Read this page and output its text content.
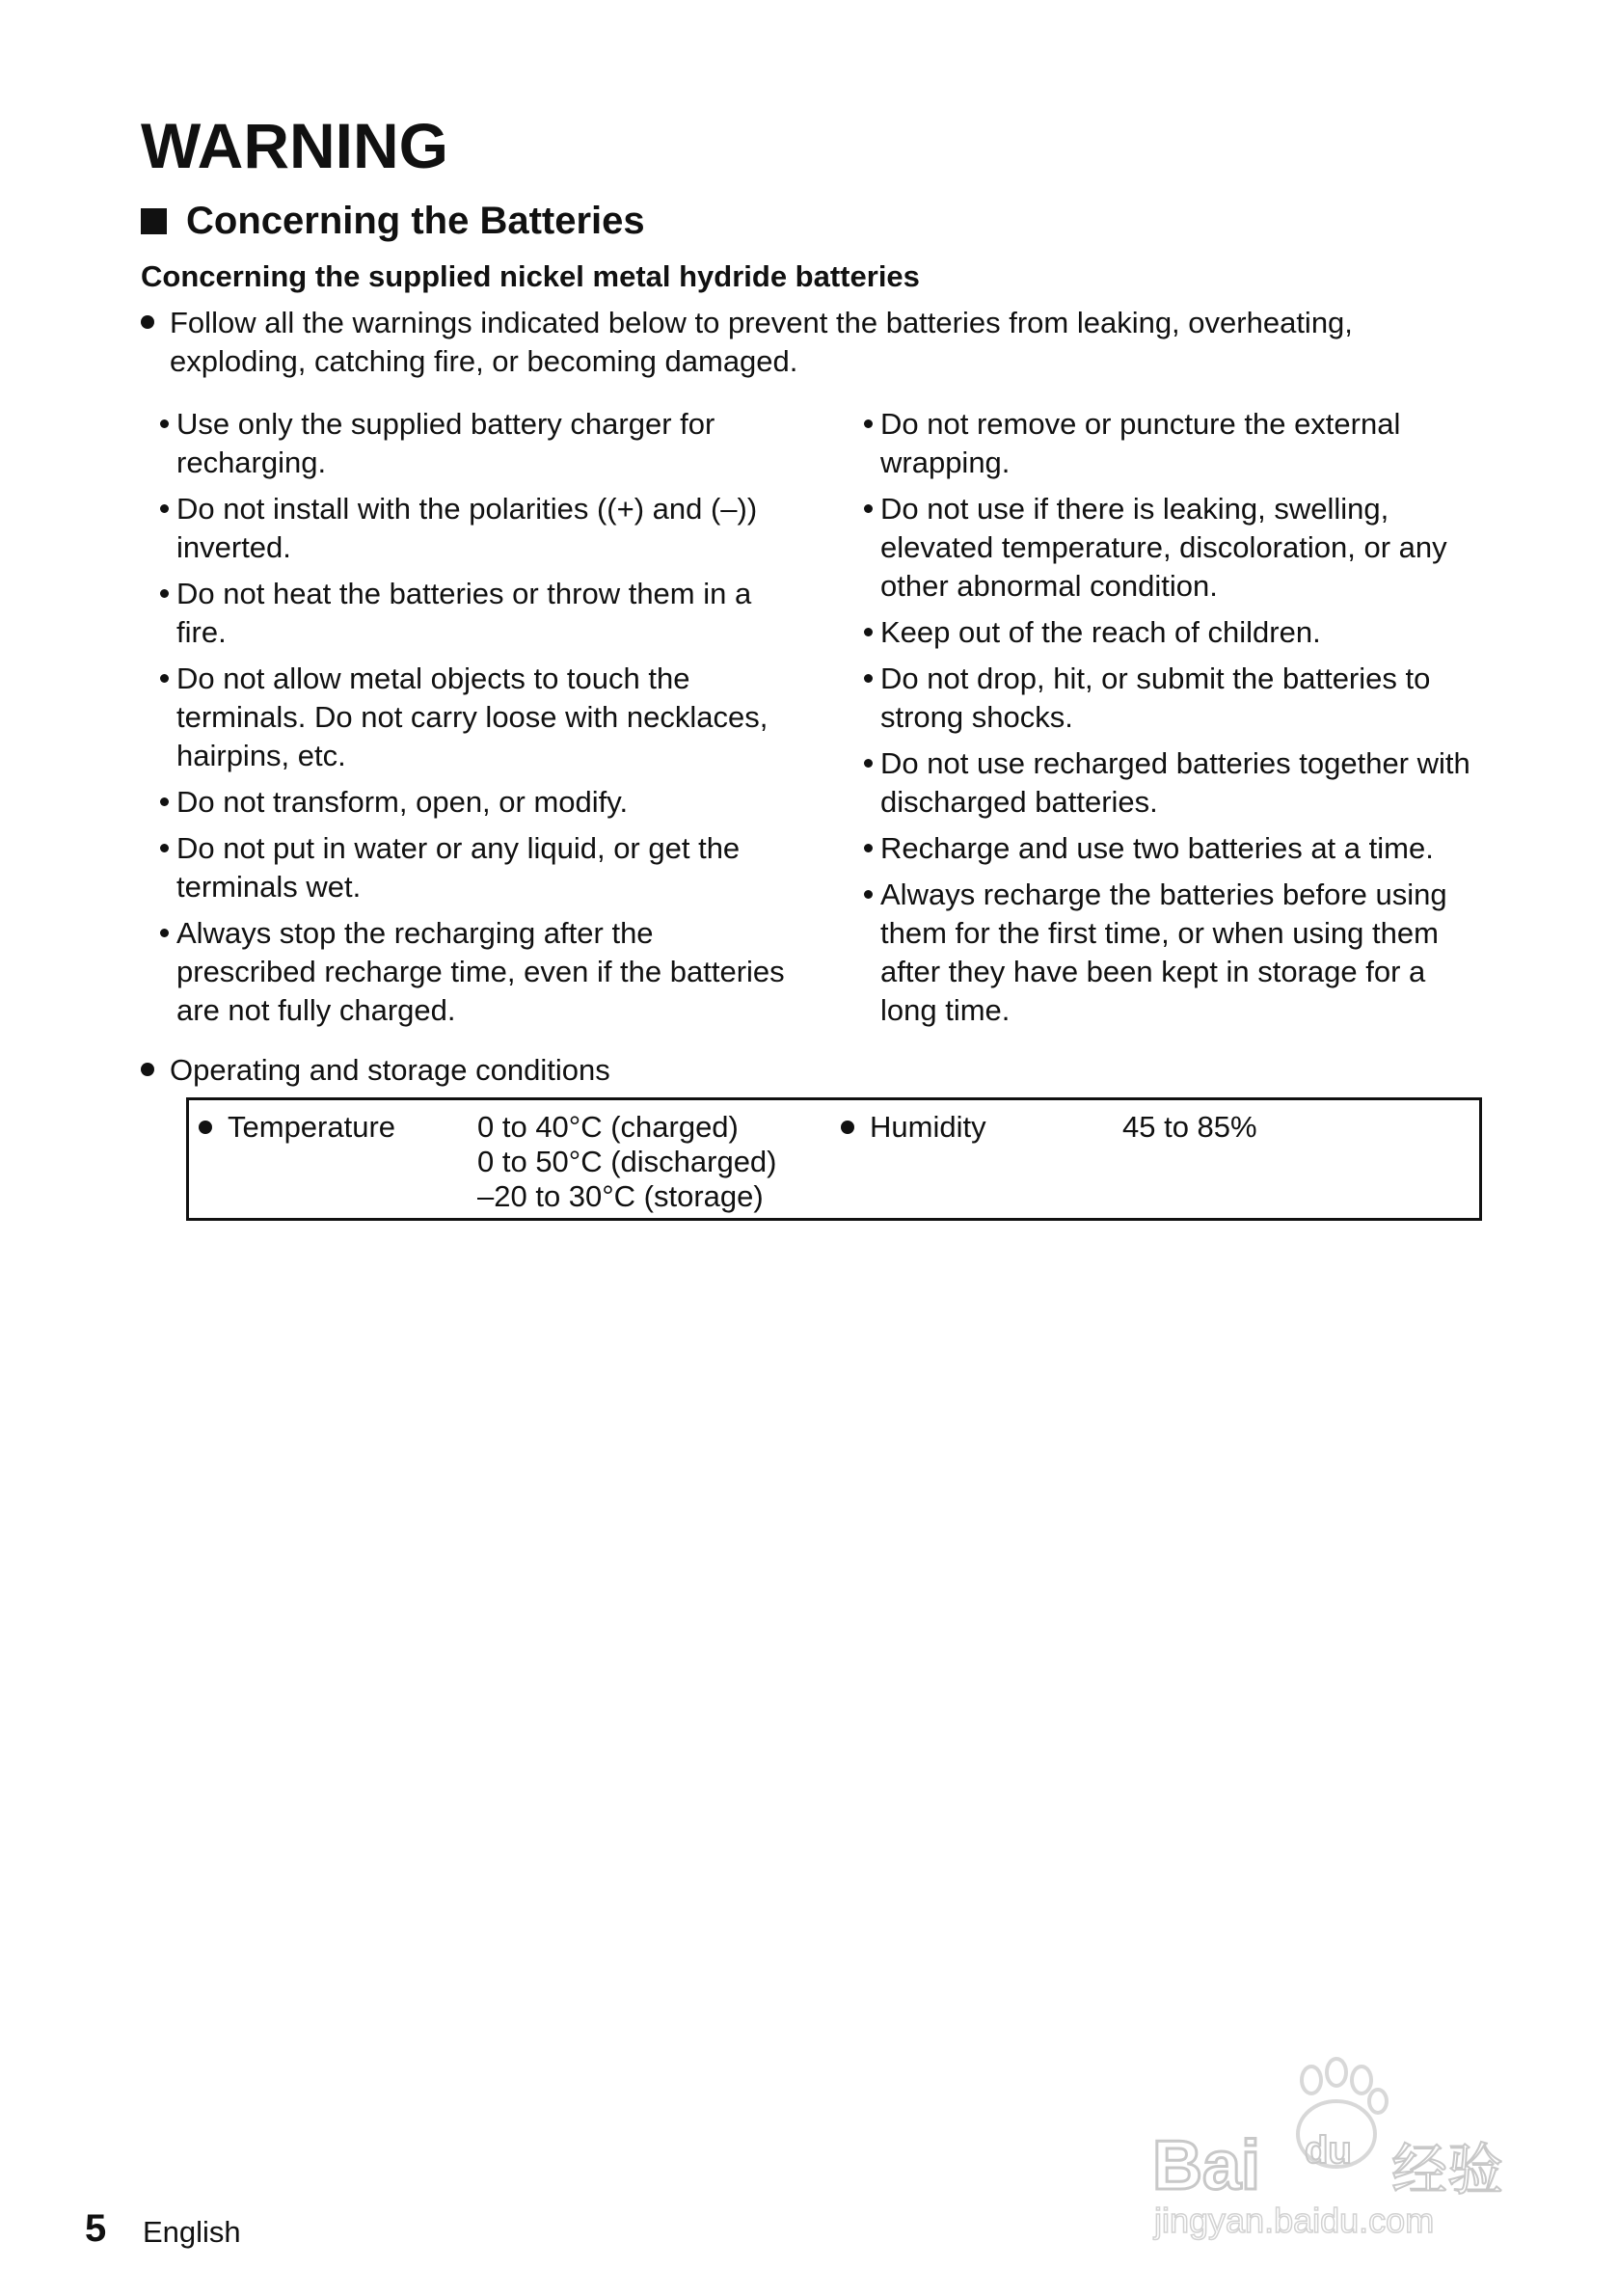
WARNING
Concerning the Batteries
Concerning the supplied nickel metal hydride batteries
Follow all the warnings indicated below to prevent the batteries from leaking, overheating, exploding, catching fire, or becoming damaged.
Use only the supplied battery charger for recharging.
Do not install with the polarities ((+) and (–)) inverted.
Do not heat the batteries or throw them in a fire.
Do not allow metal objects to touch the terminals. Do not carry loose with necklaces, hairpins, etc.
Do not transform, open, or modify.
Do not put in water or any liquid, or get the terminals wet.
Always stop the recharging after the prescribed recharge time, even if the batteries are not fully charged.
Do not remove or puncture the external wrapping.
Do not use if there is leaking, swelling, elevated temperature, discoloration, or any other abnormal condition.
Keep out of the reach of children.
Do not drop, hit, or submit the batteries to strong shocks.
Do not use recharged batteries together with discharged batteries.
Recharge and use two batteries at a time.
Always recharge the batteries before using them for the first time, or when using them after they have been kept in storage for a long time.
Operating and storage conditions
Temperature	0 to 40°C (charged)
0 to 50°C (discharged)
–20 to 30°C (storage)
Humidity	45 to 85%
5 English
Bai du 经验
jingyan.baidu.com
